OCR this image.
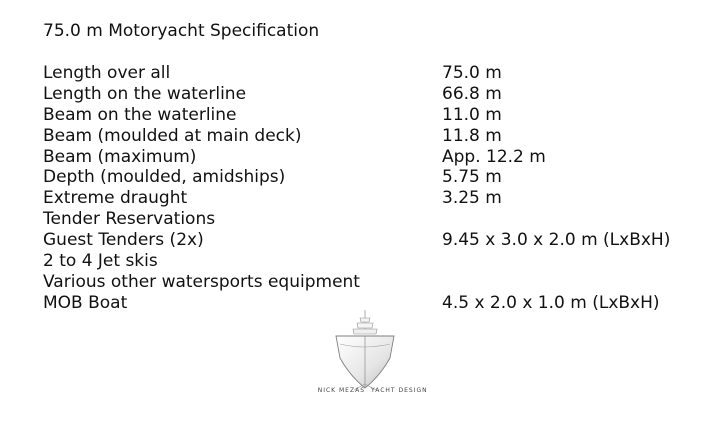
75.0 m Motoryacht Specification
Length over all	75.0 m
Length on the waterline	66.8 m
Beam on the waterline	11.0 m
Beam (moulded at main deck)	11.8 m
Beam (maximum)	App. 12.2 m
Depth (moulded, amidships)	5.75 m
Extreme draught	3.25 m
Tender Reservations
Guest Tenders (2x)	9.45 x 3.0 x 2.0 m (LxBxH)
2 to 4 Jet skis
Various other watersports equipment
MOB Boat	4.5 x 2.0 x 1.0 m (LxBxH)
NICK MEZAS YACHT DESIGN
